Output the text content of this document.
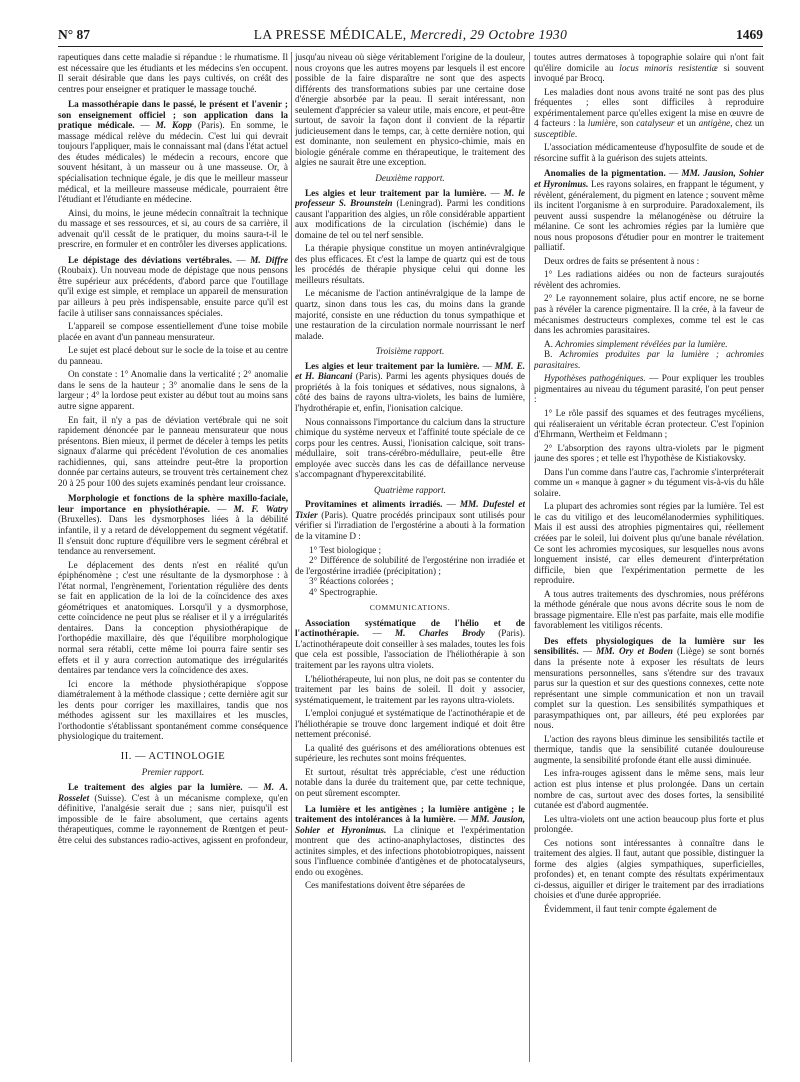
N° 87	LA PRESSE MÉDICALE, Mercredi, 29 Octobre 1930	1469

rapeutiques dans cette maladie si répandue : le rhumatisme. Il est nécessaire que les étudiants et les médecins s'en occupent. Il serait désirable que dans les pays cultivés, on créât des centres pour enseigner et pratiquer le massage touché.

La massothérapie dans le passé, le présent et l'avenir ; son enseignement officiel ; son application dans la pratique médicale. — M. Kopp (Paris). En somme, le massage médical relève du médecin. C'est lui qui devrait toujours l'appliquer, mais le connaissant mal (dans l'état actuel des études médicales) le médecin a recours, encore que souvent hésitant, à un masseur ou à une masseuse. Or, à spécialisation technique égale, je dis que le meilleur masseur médical, et la meilleure masseuse médicale, pourraient être l'étudiant et l'étudiante en médecine.

Ainsi, du moins, le jeune médecin connaîtrait la technique du massage et ses ressources, et si, au cours de sa carrière, il advenait qu'il cessât de le pratiquer, du moins saura-t-il le prescrire, en formuler et en contrôler les diverses applications.

Le dépistage des déviations vertébrales. — M. Diffre (Roubaix). Un nouveau mode de dépistage que nous pensons être supérieur aux précédents, d'abord parce que l'outillage qu'il exige est simple, et remplace un appareil de mensuration par ailleurs à peu près indispensable, ensuite parce qu'il est facile à utiliser sans connaissances spéciales.

L'appareil se compose essentiellement d'une toise mobile placée en avant d'un panneau mensurateur.

Le sujet est placé debout sur le socle de la toise et au centre du panneau.

On constate : 1° Anomalie dans la verticalité ; 2° anomalie dans le sens de la hauteur ; 3° anomalie dans le sens de la largeur ; 4° la lordose peut exister au début tout au moins sans autre signe apparent.

En fait, il n'y a pas de déviation vertébrale qui ne soit rapidement dénoncée par le panneau mensurateur que nous présentons. Bien mieux, il permet de déceler à temps les petits signaux d'alarme qui précèdent l'évolution de ces anomalies rachidiennes, qui, sans atteindre peut-être la proportion donnée par certains auteurs, se trouvent très certainement chez 20 à 25 pour 100 des sujets examinés pendant leur croissance.

Morphologie et fonctions de la sphère maxillo-faciale, leur importance en physiothérapie. — M. F. Watry (Bruxelles). Dans les dysmorphoses liées à la débilité infantile, il y a retard de développement du segment végétatif. Il s'ensuit donc rupture d'équilibre vers le segment cérébral et tendance au renversement.

Le déplacement des dents n'est en réalité qu'un épiphénomène ; c'est une résultante de la dysmorphose : à l'état normal, l'engrènement, l'orientation régulière des dents se fait en application de la loi de la coïncidence des axes géométriques et anatomiques. Lorsqu'il y a dysmorphose, cette coïncidence ne peut plus se réaliser et il y a irrégularités dentaires. Dans la conception physiothérapique de l'orthopédie maxillaire, dès que l'équilibre morphologique normal sera rétabli, cette même loi pourra faire sentir ses effets et il y aura correction automatique des irrégularités dentaires par tendance vers la coïncidence des axes.

Ici encore la méthode physiothérapique s'oppose diamétralement à la méthode classique ; cette dernière agit sur les dents pour corriger les maxillaires, tandis que nos méthodes agissent sur les maxillaires et les muscles, l'orthodontie s'établissant spontanément comme conséquence physiologique du traitement.

II. — ACTINOLOGIE

Premier rapport.

Le traitement des algies par la lumière. — M. A. Rosselet (Suisse). C'est à un mécanisme complexe, qu'en définitive, l'analgésie serait due ; sans nier, puisqu'il est impossible de le faire absolument, que certains agents thérapeutiques, comme le rayonnement de Rœntgen et peut-être celui des substances radio-actives, agissent en profondeur,

jusqu'au niveau où siège véritablement l'origine de la douleur, nous croyons que les autres moyens par lesquels il est encore possible de la faire disparaître ne sont que des aspects différents des transformations subies par une certaine dose d'énergie absorbée par la peau. Il serait intéressant, non seulement d'apprécier sa valeur utile, mais encore, et peut-être surtout, de savoir la façon dont il convient de la répartir judicieusement dans le temps, car, à cette dernière notion, qui est dominante, non seulement en physico-chimie, mais en biologie générale comme en thérapeutique, le traitement des algies ne saurait être une exception.

Deuxième rapport.

Les algies et leur traitement par la lumière. — M. le professeur S. Brounstein (Leningrad). Parmi les conditions causant l'apparition des algies, un rôle considérable appartient aux modifications de la circulation (ischémie) dans le domaine de tel ou tel nerf sensible.

La thérapie physique constitue un moyen antinévralgique des plus efficaces. Et c'est la lampe de quartz qui est de tous les procédés de thérapie physique celui qui donne les meilleurs résultats.

Le mécanisme de l'action antinévralgique de la lampe de quartz, sinon dans tous les cas, du moins dans la grande majorité, consiste en une réduction du tonus sympathique et une restauration de la circulation normale nourrissant le nerf malade.

Troisième rapport.

Les algies et leur traitement par la lumière. — MM. E. et H. Biancani (Paris). Parmi les agents physiques doués de propriétés à la fois toniques et sédatives, nous signalons, à côté des bains de rayons ultra-violets, les bains de lumière, l'hydrothérapie et, enfin, l'ionisation calcique.

Nous connaissons l'importance du calcium dans la structure chimique du système nerveux et l'affinité toute spéciale de ce corps pour les centres. Aussi, l'ionisation calcique, soit trans-médullaire, soit trans-cérébro-médullaire, peut-elle être employée avec succès dans les cas de défaillance nerveuse s'accompagnant d'hyperexcitabilité.

Quatrième rapport.

Provitamines et aliments irradiés. — MM. Dufestel et Tixier (Paris). Quatre procédés principaux sont utilisés pour vérifier si l'irradiation de l'ergostérine a abouti à la formation de la vitamine D :

1° Test biologique ;

2° Différence de solubilité de l'ergostérine non irradiée et de l'ergostérine irradiée (précipitation) ;

3° Réactions colorées ;

4° Spectrographie.

COMMUNICATIONS.

Association systématique de l'hélio et de l'actinothérapie. — M. Charles Brody (Paris). L'actinothérapeute doit conseiller à ses malades, toutes les fois que cela est possible, l'association de l'héliothérapie à son traitement par les rayons ultra violets.

L'héliothérapeute, lui non plus, ne doit pas se contenter du traitement par les bains de soleil. Il doit y associer, systématiquement, le traitement par les rayons ultra-violets.

L'emploi conjugué et systématique de l'actinothérapie et de l'héliothérapie se trouve donc largement indiqué et doit être nettement préconisé.

La qualité des guérisons et des améliorations obtenues est supérieure, les rechutes sont moins fréquentes.

Et surtout, résultat très appréciable, c'est une réduction notable dans la durée du traitement que, par cette technique, on peut sûrement escompter.

La lumière et les antigènes ; la lumière antigène ; le traitement des intolérances à la lumière. — MM. Jausion, Sohier et Hyronimus. La clinique et l'expérimentation montrent que des actino-anaphylactoses, distinctes des actinites simples, et des infections photobiotropiques, naissent sous l'influence combinée d'antigènes et de photocatalyseurs, endo ou exogènes.

Ces manifestations doivent être séparées de

toutes autres dermatoses à topographie solaire qui n'ont fait qu'élire domicile au locus minoris resistentiæ si souvent invoqué par Brocq.

Les maladies dont nous avons traité ne sont pas des plus fréquentes ; elles sont difficiles à reproduire expérimentalement parce qu'elles exigent la mise en œuvre de 4 facteurs : la lumière, son catalyseur et un antigène, chez un susceptible.

L'association médicamenteuse d'hyposulfite de soude et de résorcine suffit à la guérison des sujets atteints.

Anomalies de la pigmentation. — MM. Jausion, Sohier et Hyronimus. Les rayons solaires, en frappant le tégument, y révèlent, généralement, du pigment en latence ; souvent même ils incitent l'organisme à en surproduire. Paradoxalement, ils peuvent aussi suspendre la mélanogénèse ou détruire la mélanine. Ce sont les achromies régies par la lumière que nous nous proposons d'étudier pour en montrer le traitement palliatif.

Deux ordres de faits se présentent à nous :

1° Les radiations aidées ou non de facteurs surajoutés révèlent des achromies.

2° Le rayonnement solaire, plus actif encore, ne se borne pas à révéler la carence pigmentaire. Il la crée, à la faveur de mécanismes destructeurs complexes, comme tel est le cas dans les achromies parasitaires.

A. Achromies simplement révélées par la lumière.

B. Achromies produites par la lumière ; achromies parasitaires.

Hypothèses pathogéniques. — Pour expliquer les troubles pigmentaires au niveau du tégument parasité, l'on peut penser :

1° Le rôle passif des squames et des feutrages mycéliens, qui réaliseraient un véritable écran protecteur. C'est l'opinion d'Ehrmann, Wertheim et Feldmann ;

2° L'absorption des rayons ultra-violets par le pigment jaune des spores ; et telle est l'hypothèse de Kistiakovsky.

Dans l'un comme dans l'autre cas, l'achromie s'interpréterait comme un « manque à gagner » du tégument vis-à-vis du hâle solaire.

La plupart des achromies sont régies par la lumière. Tel est le cas du vitiligo et des leucomélanodermies syphilitiques. Mais il est aussi des atrophies pigmentaires qui, réellement créées par le soleil, lui doivent plus qu'une banale révélation. Ce sont les achromies mycosiques, sur lesquelles nous avons longuement insisté, car elles demeurent d'interprétation difficile, bien que l'expérimentation permette de les reproduire.

A tous autres traitements des dyschromies, nous préférons la méthode générale que nous avons décrite sous le nom de brassage pigmentaire. Elle n'est pas parfaite, mais elle modifie favorablement les vitiligos récents.

Des effets physiologiques de la lumière sur les sensibilités. — MM. Ory et Boden (Liège) se sont bornés dans la présente note à exposer les résultats de leurs mensurations personnelles, sans s'étendre sur des travaux parus sur la question et sur des questions connexes, cette note représentant une simple communication et non un travail complet sur la question. Les sensibilités sympathiques et parasympathiques ont, par ailleurs, été peu explorées par nous.

L'action des rayons bleus diminue les sensibilités tactile et thermique, tandis que la sensibilité cutanée douloureuse augmente, la sensibilité profonde étant elle aussi diminuée.

Les infra-rouges agissent dans le même sens, mais leur action est plus intense et plus prolongée. Dans un certain nombre de cas, surtout avec des doses fortes, la sensibilité cutanée est d'abord augmentée.

Les ultra-violets ont une action beaucoup plus forte et plus prolongée.

Ces notions sont intéressantes à connaître dans le traitement des algies. Il faut, autant que possible, distinguer la forme des algies (algies sympathiques, superficielles, profondes) et, en tenant compte des résultats expérimentaux ci-dessus, aiguiller et diriger le traitement par des irradiations choisies et d'une durée appropriée.

Évidemment, il faut tenir compte également de
